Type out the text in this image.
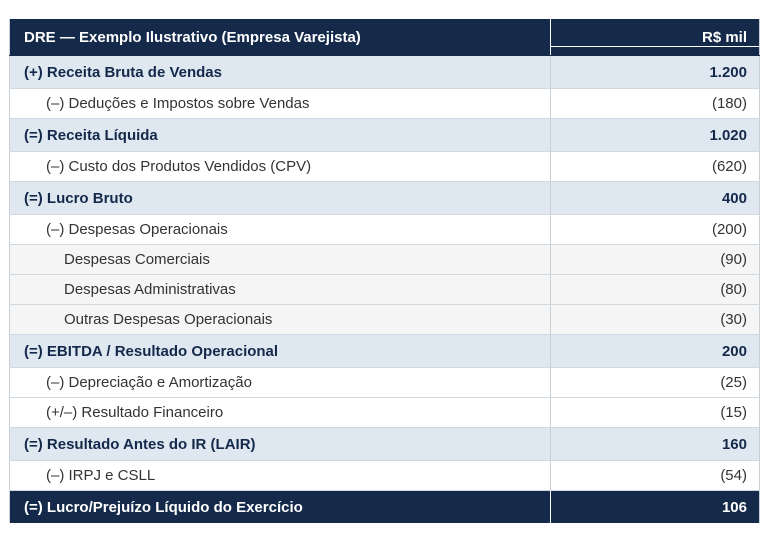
DRE — Exemplo Ilustrativo (Empresa Varejista)	R$ mil
(+) Receita Bruta de Vendas	1.200
(–) Deduções e Impostos sobre Vendas	(180)
(=) Receita Líquida	1.020
(–) Custo dos Produtos Vendidos (CPV)	(620)
(=) Lucro Bruto	400
(–) Despesas Operacionais	(200)
Despesas Comerciais	(90)
Despesas Administrativas	(80)
Outras Despesas Operacionais	(30)
(=) EBITDA / Resultado Operacional	200
(–) Depreciação e Amortização	(25)
(+/–) Resultado Financeiro	(15)
(=) Resultado Antes do IR (LAIR)	160
(–) IRPJ e CSLL	(54)
(=) Lucro/Prejuízo Líquido do Exercício	106
